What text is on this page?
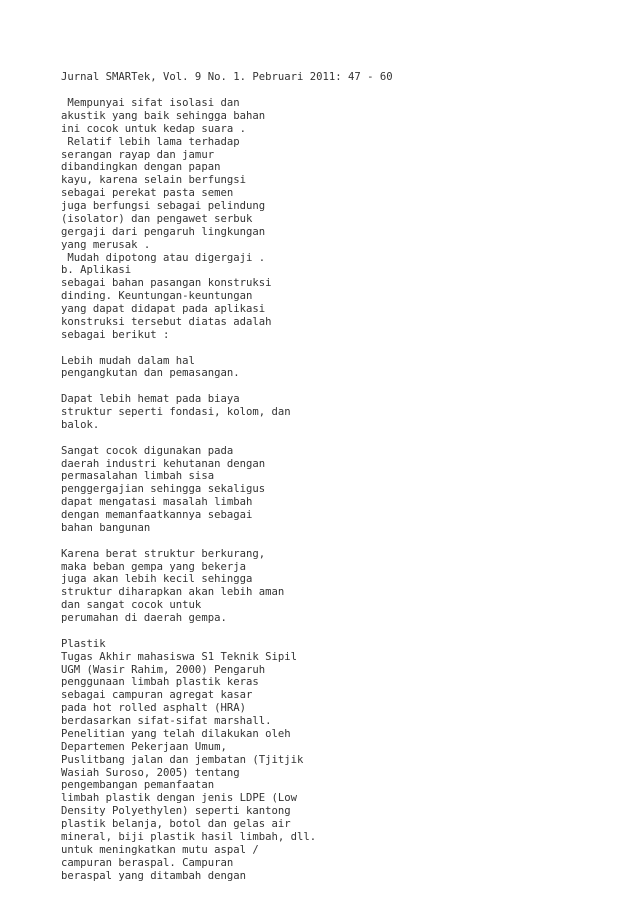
Jurnal SMARTek, Vol. 9 No. 1. Pebruari 2011: 47 - 60
Mempunyai sifat isolasi dan
akustik yang baik sehingga bahan
ini cocok untuk kedap suara .
Relatif lebih lama terhadap
serangan rayap dan jamur
dibandingkan dengan papan
kayu, karena selain berfungsi
sebagai perekat pasta semen
juga berfungsi sebagai pelindung
(isolator) dan pengawet serbuk
gergaji dari pengaruh lingkungan
yang merusak .
Mudah dipotong atau digergaji .
b. Aplikasi
sebagai bahan pasangan konstruksi
dinding. Keuntungan-keuntungan
yang dapat didapat pada aplikasi
konstruksi tersebut diatas adalah
sebagai berikut :
Lebih mudah dalam hal
pengangkutan dan pemasangan.
Dapat lebih hemat pada biaya
struktur seperti fondasi, kolom, dan
balok.
Sangat cocok digunakan pada
daerah industri kehutanan dengan
permasalahan limbah sisa
penggergajian sehingga sekaligus
dapat mengatasi masalah limbah
dengan memanfaatkannya sebagai
bahan bangunan
Karena berat struktur berkurang,
maka beban gempa yang bekerja
juga akan lebih kecil sehingga
struktur diharapkan akan lebih aman
dan sangat cocok untuk
perumahan di daerah gempa.
Plastik
Tugas Akhir mahasiswa S1 Teknik Sipil
UGM (Wasir Rahim, 2000) Pengaruh
penggunaan limbah plastik keras
sebagai campuran agregat kasar
pada hot rolled asphalt (HRA)
berdasarkan sifat-sifat marshall.
Penelitian yang telah dilakukan oleh
Departemen Pekerjaan Umum,
Puslitbang jalan dan jembatan (Tjitjik
Wasiah Suroso, 2005) tentang
pengembangan pemanfaatan
limbah plastik dengan jenis LDPE (Low
Density Polyethylen) seperti kantong
plastik belanja, botol dan gelas air
mineral, biji plastik hasil limbah, dll.
untuk meningkatkan mutu aspal /
campuran beraspal. Campuran
beraspal yang ditambah dengan
